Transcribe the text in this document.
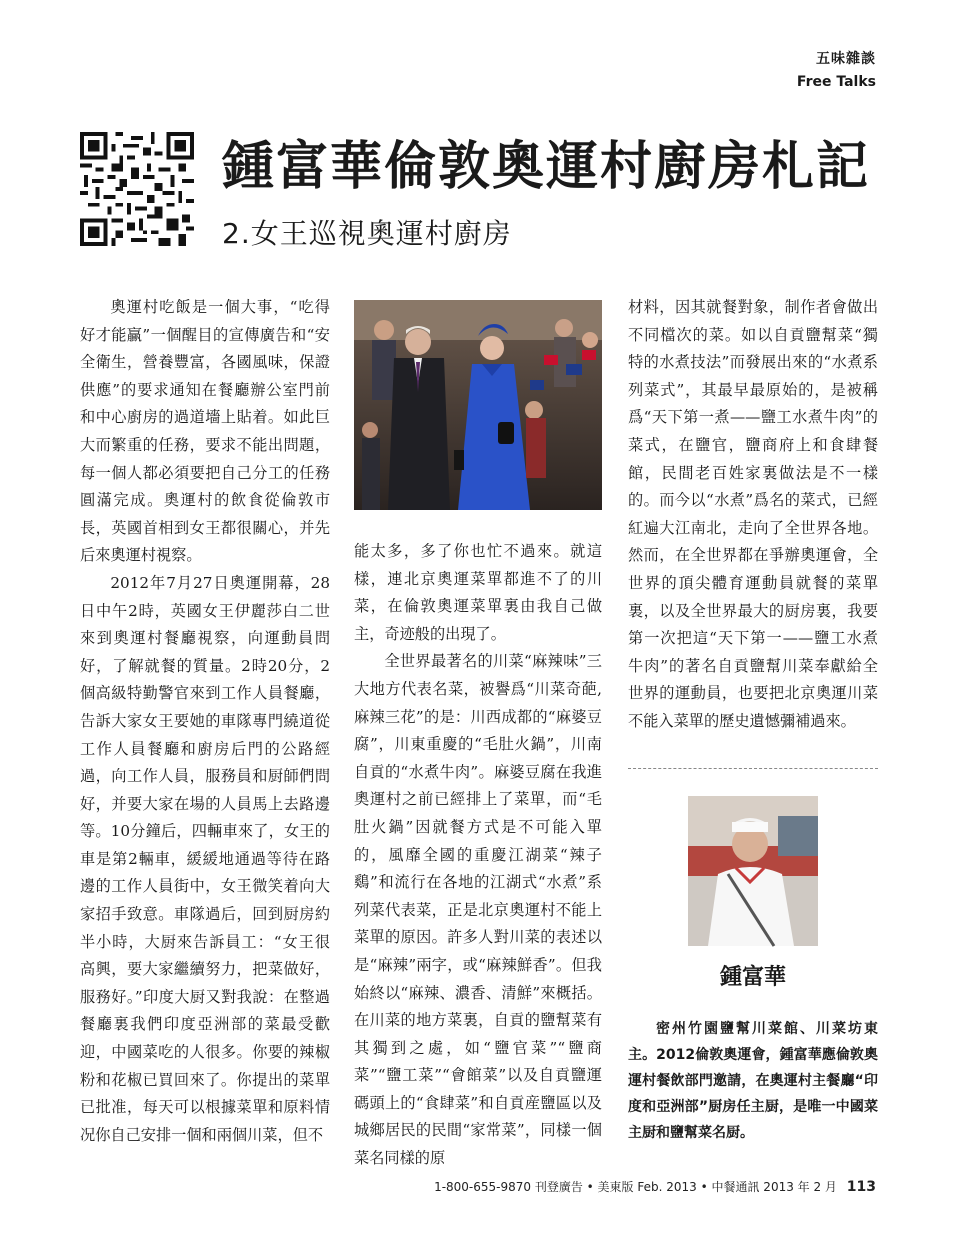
五味雜談
Free Talks
鍾富華倫敦奧運村廚房札記
2.女王巡視奧運村廚房

奧運村吃飯是一個大事，“吃得好才能贏”一個醒目的宣傳廣告和“安全衛生，營養豐富，各國風味，保證供應”的要求通知在餐廳辦公室門前和中心廚房的過道墻上貼着。如此巨大而繁重的任務，要求不能出問題，每一個人都必須要把自己分工的任務圓滿完成。奧運村的飲食從倫敦市長，英國首相到女王都很關心，并先后來奧運村視察。

2012年7月27日奧運開幕，28日中午2時，英國女王伊麗莎白二世來到奧運村餐廳視察，向運動員問好，了解就餐的質量。2時20分，2個高級特勤警官來到工作人員餐廳，告訴大家女王要她的車隊專門繞道從工作人員餐廳和廚房后門的公路經過，向工作人員，服務員和厨師們問好，并要大家在場的人員馬上去路邊等。10分鐘后，四輛車來了，女王的車是第2輛車，緩緩地通過等待在路邊的工作人員街中，女王微笑着向大家招手致意。車隊過后，回到厨房約半小時，大厨來告訴員工：“女王很高興，要大家繼續努力，把菜做好，服務好。”印度大厨又對我說：在整過餐廳裏我們印度亞洲部的菜最受歡迎，中國菜吃的人很多。你要的辣椒粉和花椒已買回來了。你提出的菜單已批准，每天可以根據菜單和原料情况你自己安排一個和兩個川菜，但不

能太多，多了你也忙不過來。就這樣，連北京奧運菜單都進不了的川菜，在倫敦奧運菜單裏由我自己做主，奇迹般的出現了。

全世界最著名的川菜“麻辣味”三大地方代表名菜，被譽爲“川菜奇葩,麻辣三花”的是：川西成都的“麻婆豆腐”，川東重慶的“毛肚火鍋”，川南自貢的“水煮牛肉”。麻婆豆腐在我進奧運村之前已經排上了菜單，而“毛肚火鍋”因就餐方式是不可能入單的，風靡全國的重慶江湖菜“辣子鷄”和流行在各地的江湖式“水煮”系列菜代表菜，正是北京奧運村不能上菜單的原因。許多人對川菜的表述以是“麻辣”兩字，或“麻辣鮮香”。但我始終以“麻辣、濃香、清鮮”來概括。在川菜的地方菜裏，自貢的鹽幫菜有其獨到之處，如“鹽官菜”“鹽商菜”“鹽工菜”“會館菜”以及自貢鹽運碼頭上的“食肆菜”和自貢産鹽區以及城鄉居民的民間“家常菜”，同樣一個菜名同樣的原

材料，因其就餐對象，制作者會做出不同檔次的菜。如以自貢鹽幫菜“獨特的水煮技法”而發展出來的“水煮系列菜式”，其最早最原始的，是被稱爲“天下第一煮——鹽工水煮牛肉”的菜式，在鹽官，鹽商府上和食肆餐館，民間老百姓家裏做法是不一樣的。而今以“水煮”爲名的菜式，已經紅遍大江南北，走向了全世界各地。然而，在全世界都在爭辦奧運會，全世界的頂尖體育運動員就餐的菜單裏，以及全世界最大的厨房裏，我要第一次把這“天下第一——鹽工水煮牛肉”的著名自貢鹽幫川菜奉獻給全世界的運動員，也要把北京奧運川菜不能入菜單的歷史遺憾彌補過來。

鍾富華
密州竹園鹽幫川菜館、川菜坊東主。2012倫敦奧運會，鍾富華應倫敦奧運村餐飲部門邀請，在奧運村主餐廳“印度和亞洲部”厨房任主厨，是唯一中國菜主厨和鹽幫菜名厨。
1-800-655-9870 刊登廣告 • 美東版 Feb. 2013 • 中餐通訊 2013 年 2 月 113
